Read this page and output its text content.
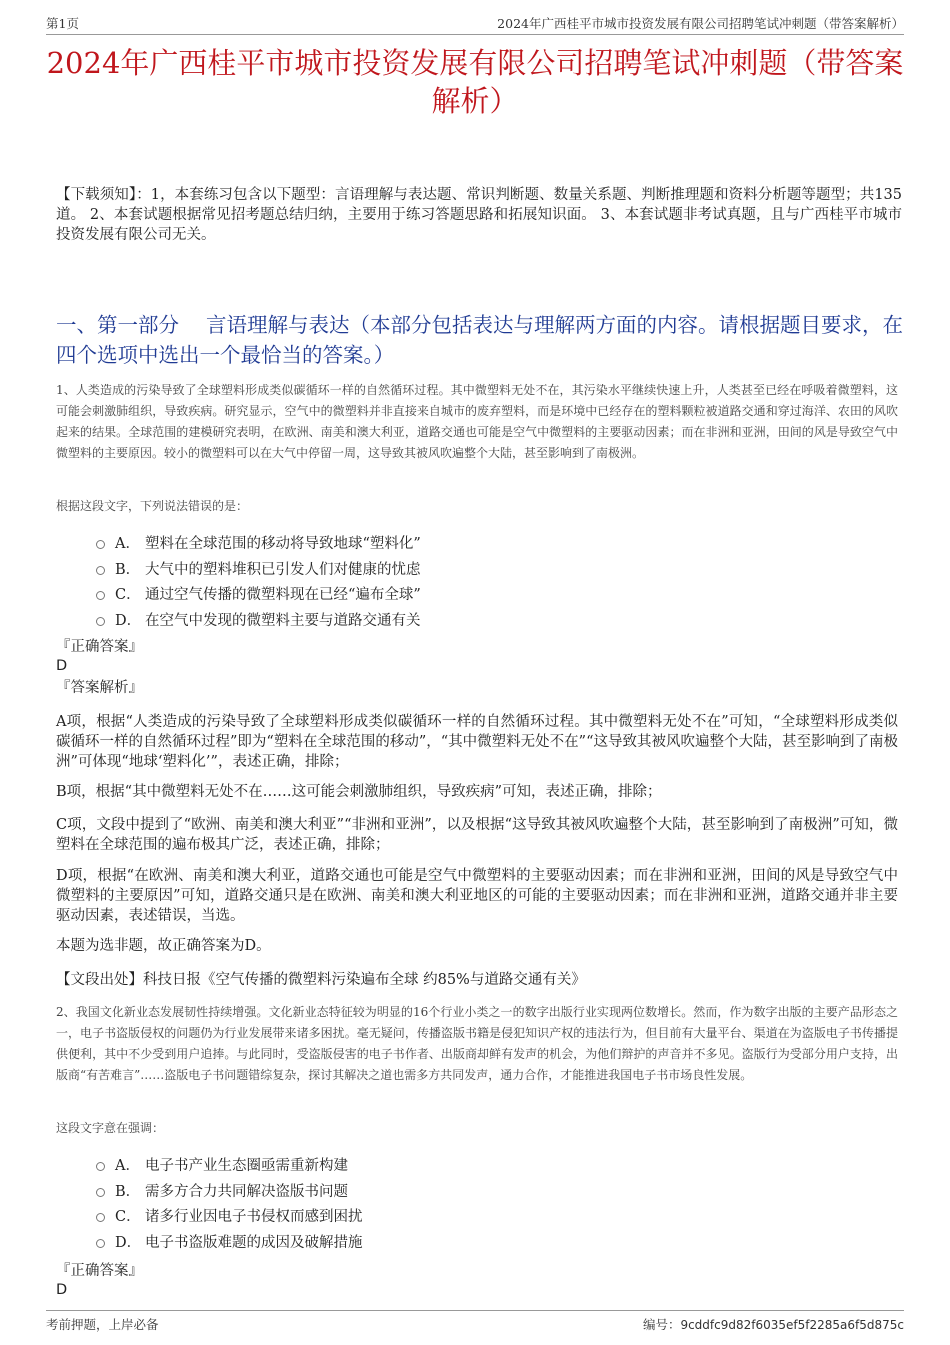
第1页	2024年广西桂平市城市投资发展有限公司招聘笔试冲刺题（带答案解析）
2024年广西桂平市城市投资发展有限公司招聘笔试冲刺题（带答案解析）
【下载须知】：1，本套练习包含以下题型：言语理解与表达题、常识判断题、数量关系题、判断推理题和资料分析题等题型；共135道。 2、本套试题根据常见招考题总结归纳，主要用于练习答题思路和拓展知识面。 3、本套试题非考试真题，且与广西桂平市城市投资发展有限公司无关。
一、第一部分　 言语理解与表达（本部分包括表达与理解两方面的内容。请根据题目要求，在四个选项中选出一个最恰当的答案。）
1、人类造成的污染导致了全球塑料形成类似碳循环一样的自然循环过程。其中微塑料无处不在，其污染水平继续快速上升，人类甚至已经在呼吸着微塑料，这可能会刺激肺组织，导致疾病。研究显示，空气中的微塑料并非直接来自城市的废弃塑料，而是环境中已经存在的塑料颗粒被道路交通和穿过海洋、农田的风吹起来的结果。全球范围的建模研究表明，在欧洲、南美和澳大利亚，道路交通也可能是空气中微塑料的主要驱动因素；而在非洲和亚洲，田间的风是导致空气中微塑料的主要原因。较小的微塑料可以在大气中停留一周，这导致其被风吹遍整个大陆，甚至影响到了南极洲。
根据这段文字，下列说法错误的是：
A． 塑料在全球范围的移动将导致地球“塑料化”
B． 大气中的塑料堆积已引发人们对健康的忧虑
C． 通过空气传播的微塑料现在已经“遍布全球”
D． 在空气中发现的微塑料主要与道路交通有关
『正确答案』
D
『答案解析』
A项，根据“人类造成的污染导致了全球塑料形成类似碳循环一样的自然循环过程。其中微塑料无处不在”可知，“全球塑料形成类似碳循环一样的自然循环过程”即为“塑料在全球范围的移动”，“其中微塑料无处不在”“这导致其被风吹遍整个大陆，甚至影响到了南极洲”可体现“地球‘塑料化’”，表述正确，排除；
B项，根据“其中微塑料无处不在……这可能会刺激肺组织，导致疾病”可知，表述正确，排除；
C项，文段中提到了“欧洲、南美和澳大利亚”“非洲和亚洲”，以及根据“这导致其被风吹遍整个大陆，甚至影响到了南极洲”可知，微塑料在全球范围的遍布极其广泛，表述正确，排除；
D项，根据“在欧洲、南美和澳大利亚，道路交通也可能是空气中微塑料的主要驱动因素；而在非洲和亚洲，田间的风是导致空气中微塑料的主要原因”可知，道路交通只是在欧洲、南美和澳大利亚地区的可能的主要驱动因素；而在非洲和亚洲，道路交通并非主要驱动因素，表述错误，当选。
本题为选非题，故正确答案为D。
【文段出处】科技日报《空气传播的微塑料污染遍布全球 约85%与道路交通有关》
2、我国文化新业态发展韧性持续增强。文化新业态特征较为明显的16个行业小类之一的数字出版行业实现两位数增长。然而，作为数字出版的主要产品形态之一，电子书盗版侵权的问题仍为行业发展带来诸多困扰。毫无疑问，传播盗版书籍是侵犯知识产权的违法行为，但目前有大量平台、渠道在为盗版电子书传播提供便利，其中不少受到用户追捧。与此同时，受盗版侵害的电子书作者、出版商却鲜有发声的机会，为他们辩护的声音并不多见。盗版行为受部分用户支持，出版商“有苦难言”……盗版电子书问题错综复杂，探讨其解决之道也需多方共同发声，通力合作，才能推进我国电子书市场良性发展。
这段文字意在强调：
A． 电子书产业生态圈亟需重新构建
B． 需多方合力共同解决盗版书问题
C． 诸多行业因电子书侵权而感到困扰
D． 电子书盗版难题的成因及破解措施
『正确答案』
D
考前押题，上岸必备	编号：9cddfc9d82f6035ef5f2285a6f5d875c
